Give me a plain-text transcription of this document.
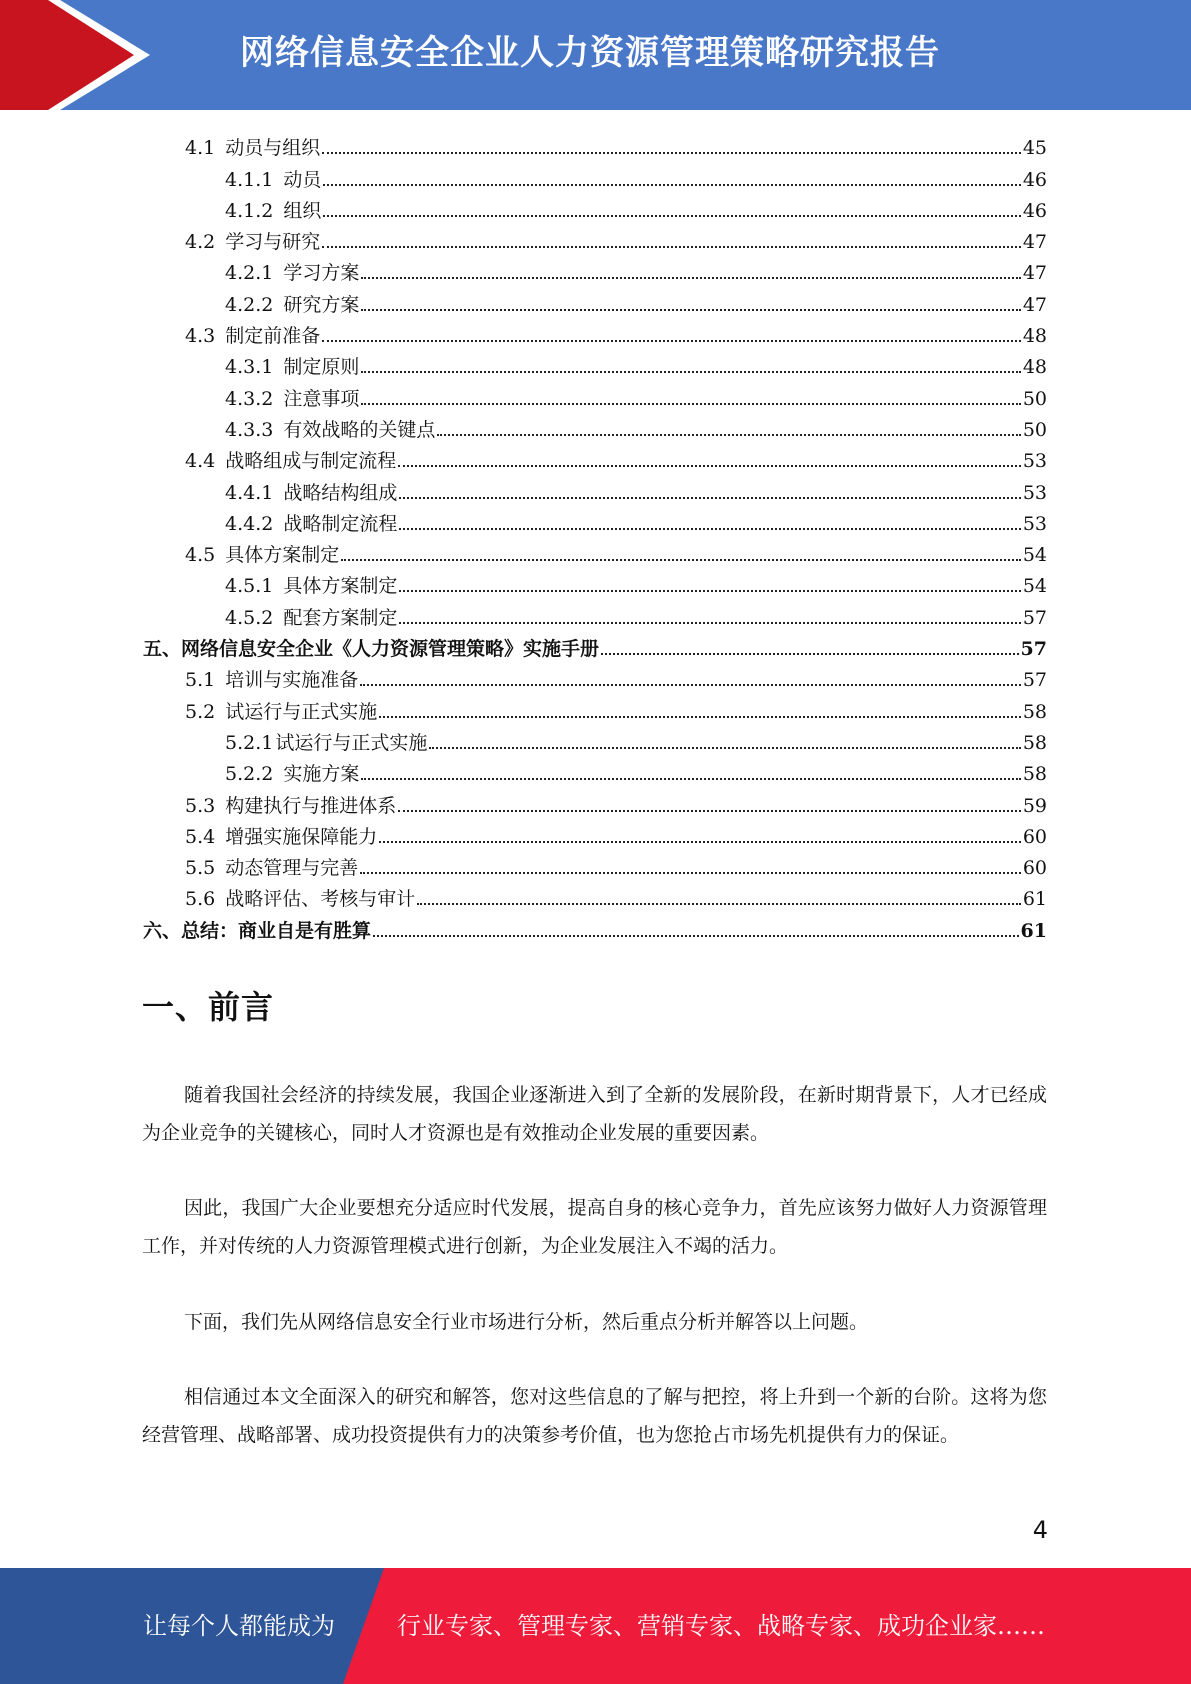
网络信息安全企业人力资源管理策略研究报告
4.1 动员与组织	45
4.1.1 动员	46
4.1.2 组织	46
4.2 学习与研究	47
4.2.1 学习方案	47
4.2.2 研究方案	47
4.3 制定前准备	48
4.3.1 制定原则	48
4.3.2 注意事项	50
4.3.3 有效战略的关键点	50
4.4 战略组成与制定流程	53
4.4.1 战略结构组成	53
4.4.2 战略制定流程	53
4.5 具体方案制定	54
4.5.1 具体方案制定	54
4.5.2 配套方案制定	57
五、网络信息安全企业《人力资源管理策略》实施手册	57
5.1 培训与实施准备	57
5.2 试运行与正式实施	58
5.2.1 试运行与正式实施	58
5.2.2 实施方案	58
5.3 构建执行与推进体系	59
5.4 增强实施保障能力	60
5.5 动态管理与完善	60
5.6 战略评估、考核与审计	61
六、总结：商业自是有胜算	61
一、前言

随着我国社会经济的持续发展，我国企业逐渐进入到了全新的发展阶段，在新时期背景下，人才已经成为企业竞争的关键核心，同时人才资源也是有效推动企业发展的重要因素。

因此，我国广大企业要想充分适应时代发展，提高自身的核心竞争力，首先应该努力做好人力资源管理工作，并对传统的人力资源管理模式进行创新，为企业发展注入不竭的活力。

下面，我们先从网络信息安全行业市场进行分析，然后重点分析并解答以上问题。

相信通过本文全面深入的研究和解答，您对这些信息的了解与把控，将上升到一个新的台阶。这将为您经营管理、战略部署、成功投资提供有力的决策参考价值，也为您抢占市场先机提供有力的保证。

4
让每个人都能成为	行业专家、管理专家、营销专家、战略专家、成功企业家……
